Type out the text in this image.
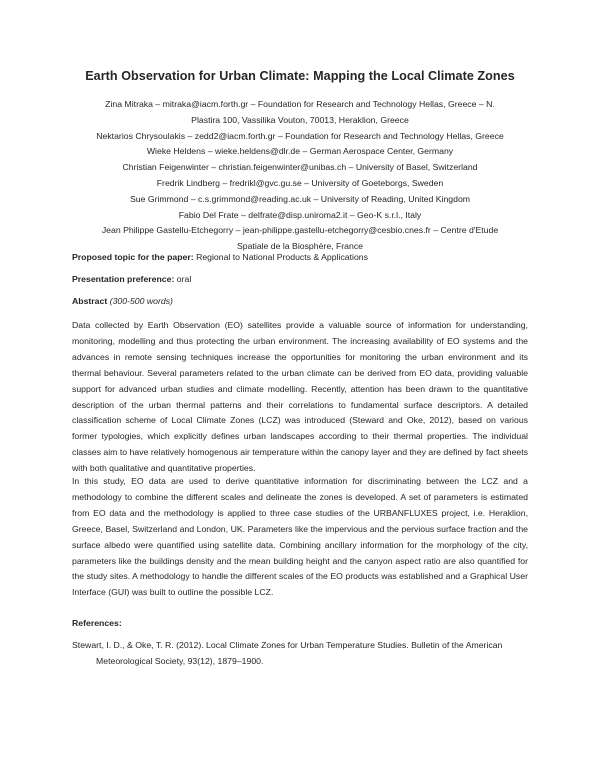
Earth Observation for Urban Climate: Mapping the Local Climate Zones
Zina Mitraka – mitraka@iacm.forth.gr – Foundation for Research and Technology Hellas, Greece – N.
Plastira 100, Vassilika Vouton, 70013, Heraklion, Greece
Nektarios Chrysoulakis – zedd2@iacm.forth.gr – Foundation for Research and Technology Hellas, Greece
Wieke Heldens – wieke.heldens@dlr.de – German Aerospace Center, Germany
Christian Feigenwinter – christian.feigenwinter@unibas.ch – University of Basel, Switzerland
Fredrik Lindberg – fredrikl@gvc.gu.se – University of Goeteborgs, Sweden
Sue Grimmond – c.s.grimmond@reading.ac.uk – University of Reading, United Kingdom
Fabio Del Frate – delfrate@disp.uniroma2.it – Geo-K s.r.l., Italy
Jean Philippe Gastellu-Etchegorry – jean-philippe.gastellu-etchegorry@cesbio.cnes.fr – Centre d'Etude
Spatiale de la Biosphère, France
Proposed topic for the paper: Regional to National Products & Applications
Presentation preference: oral
Abstract (300-500 words)

Data collected by Earth Observation (EO) satellites provide a valuable source of information for understanding, monitoring, modelling and thus protecting the urban environment. The increasing availability of EO systems and the advances in remote sensing techniques increase the opportunities for monitoring the urban environment and its thermal behaviour. Several parameters related to the urban climate can be derived from EO data, providing valuable support for advanced urban studies and climate modelling. Recently, attention has been drawn to the quantitative description of the urban thermal patterns and their correlations to fundamental surface descriptors. A detailed classification scheme of Local Climate Zones (LCZ) was introduced (Steward and Oke, 2012), based on various former typologies, which explicitly defines urban landscapes according to their thermal properties. The individual classes aim to have relatively homogenous air temperature within the canopy layer and they are defined by fact sheets with both qualitative and quantitative properties.

In this study, EO data are used to derive quantitative information for discriminating between the LCZ and a methodology to combine the different scales and delineate the zones is developed. A set of parameters is estimated from EO data and the methodology is applied to three case studies of the URBANFLUXES project, i.e. Heraklion, Greece, Basel, Switzerland and London, UK. Parameters like the impervious and the pervious surface fraction and the surface albedo were quantified using satellite data. Combining ancillary information for the morphology of the city, parameters like the buildings density and the mean building height and the canyon aspect ratio are also quantified for the study sites. A methodology to handle the different scales of the EO products was established and a Graphical User Interface (GUI) was built to outline the possible LCZ.

References:
Stewart, I. D., & Oke, T. R. (2012). Local Climate Zones for Urban Temperature Studies. Bulletin of the American Meteorological Society, 93(12), 1879–1900.
